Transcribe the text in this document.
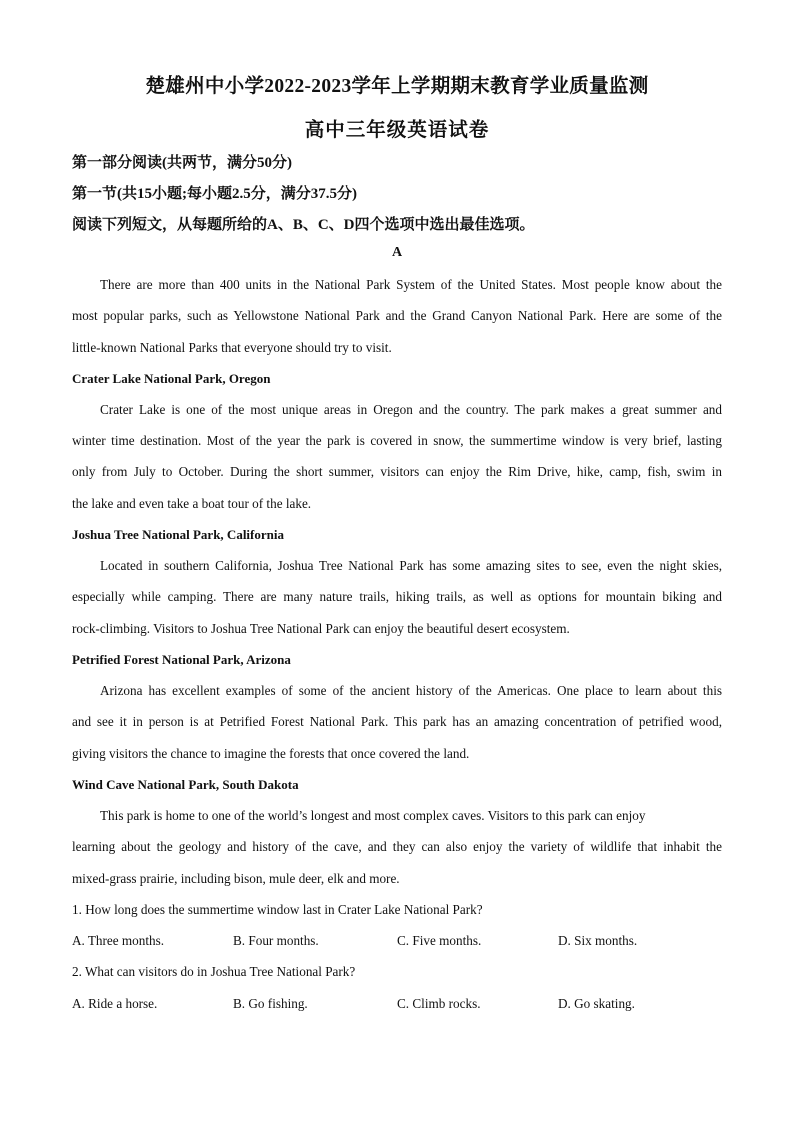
楚雄州中小学2022-2023学年上学期期末教育学业质量监测
高中三年级英语试卷
第一部分阅读(共两节，满分50分)
第一节(共15小题;每小题2.5分，满分37.5分)
阅读下列短文，从每题所给的A、B、C、D四个选项中选出最佳选项。
A
There are more than 400 units in the National Park System of the United States. Most people know about the
most popular parks, such as Yellowstone National Park and the Grand Canyon National Park. Here are some of the
little-known National Parks that everyone should try to visit.
Crater Lake National Park, Oregon
Crater Lake is one of the most unique areas in Oregon and the country. The park makes a great summer and
winter time destination. Most of the year the park is covered in snow, the summertime window is very brief, lasting
only from July to October. During the short summer, visitors can enjoy the Rim Drive, hike, camp, fish, swim in
the lake and even take a boat tour of the lake.
Joshua Tree National Park, California
Located in southern California, Joshua Tree National Park has some amazing sites to see, even the night skies,
especially while camping. There are many nature trails, hiking trails, as well as options for mountain biking and
rock-climbing. Visitors to Joshua Tree National Park can enjoy the beautiful desert ecosystem.
Petrified Forest National Park, Arizona
Arizona has excellent examples of some of the ancient history of the Americas. One place to learn about this
and see it in person is at Petrified Forest National Park. This park has an amazing concentration of petrified wood,
giving visitors the chance to imagine the forests that once covered the land.
Wind Cave National Park, South Dakota
This park is home to one of the world’s longest and most complex caves. Visitors to this park can enjoy
learning about the geology and history of the cave, and they can also enjoy the variety of wildlife that inhabit the
mixed-grass prairie, including bison, mule deer, elk and more.
1. How long does the summertime window last in Crater Lake National Park?
A. Three months.	B. Four months.	C. Five months.	D. Six months.
2. What can visitors do in Joshua Tree National Park?
A. Ride a horse.	B. Go fishing.	C. Climb rocks.	D. Go skating.
